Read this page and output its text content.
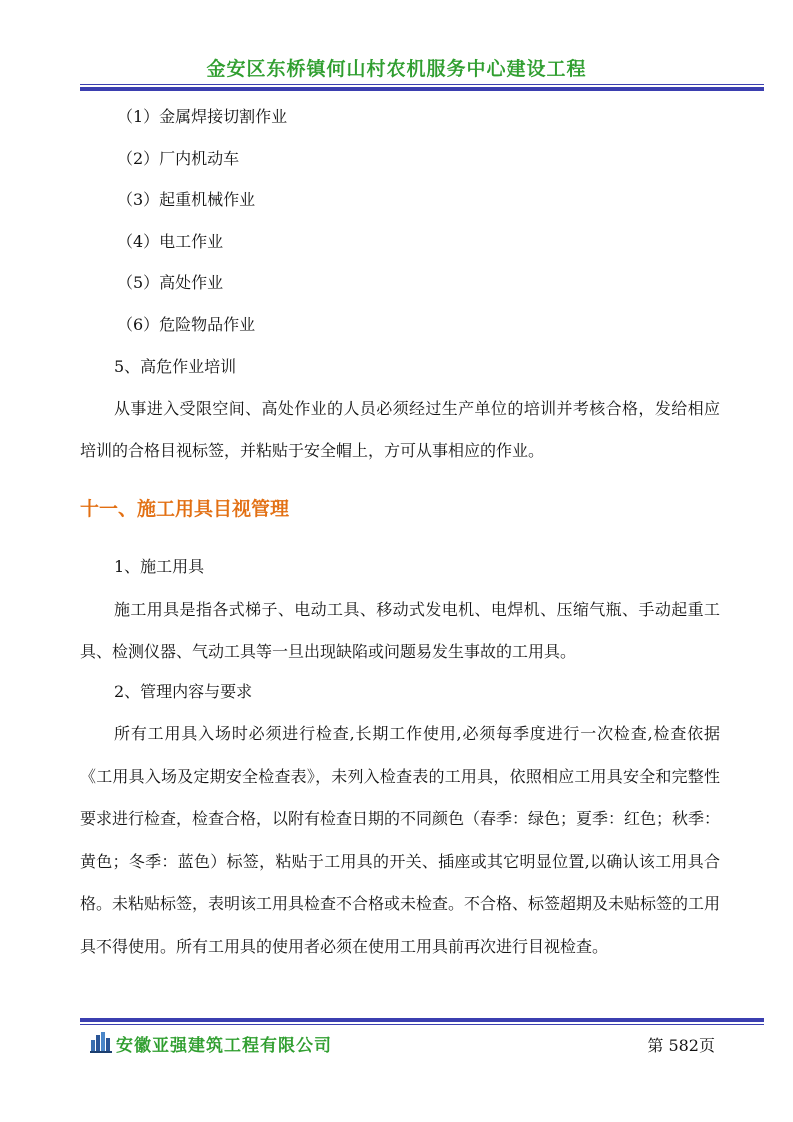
金安区东桥镇何山村农机服务中心建设工程
（1）金属焊接切割作业
（2）厂内机动车
（3）起重机械作业
（4）电工作业
（5）高处作业
（6）危险物品作业
5、高危作业培训
从事进入受限空间、高处作业的人员必须经过生产单位的培训并考核合格，发给相应培训的合格目视标签，并粘贴于安全帽上，方可从事相应的作业。
十一、施工用具目视管理
1、施工用具
施工用具是指各式梯子、电动工具、移动式发电机、电焊机、压缩气瓶、手动起重工具、检测仪器、气动工具等一旦出现缺陷或问题易发生事故的工用具。
2、管理内容与要求
所有工用具入场时必须进行检查,长期工作使用,必须每季度进行一次检查,检查依据《工用具入场及定期安全检查表》，未列入检查表的工用具，依照相应工用具安全和完整性要求进行检查，检查合格，以附有检查日期的不同颜色（春季：绿色；夏季：红色；秋季：黄色；冬季：蓝色）标签，粘贴于工用具的开关、插座或其它明显位置,以确认该工用具合格。未粘贴标签，表明该工用具检查不合格或未检查。不合格、标签超期及未贴标签的工用具不得使用。所有工用具的使用者必须在使用工用具前再次进行目视检查。
安徽亚强建筑工程有限公司	第 582页
